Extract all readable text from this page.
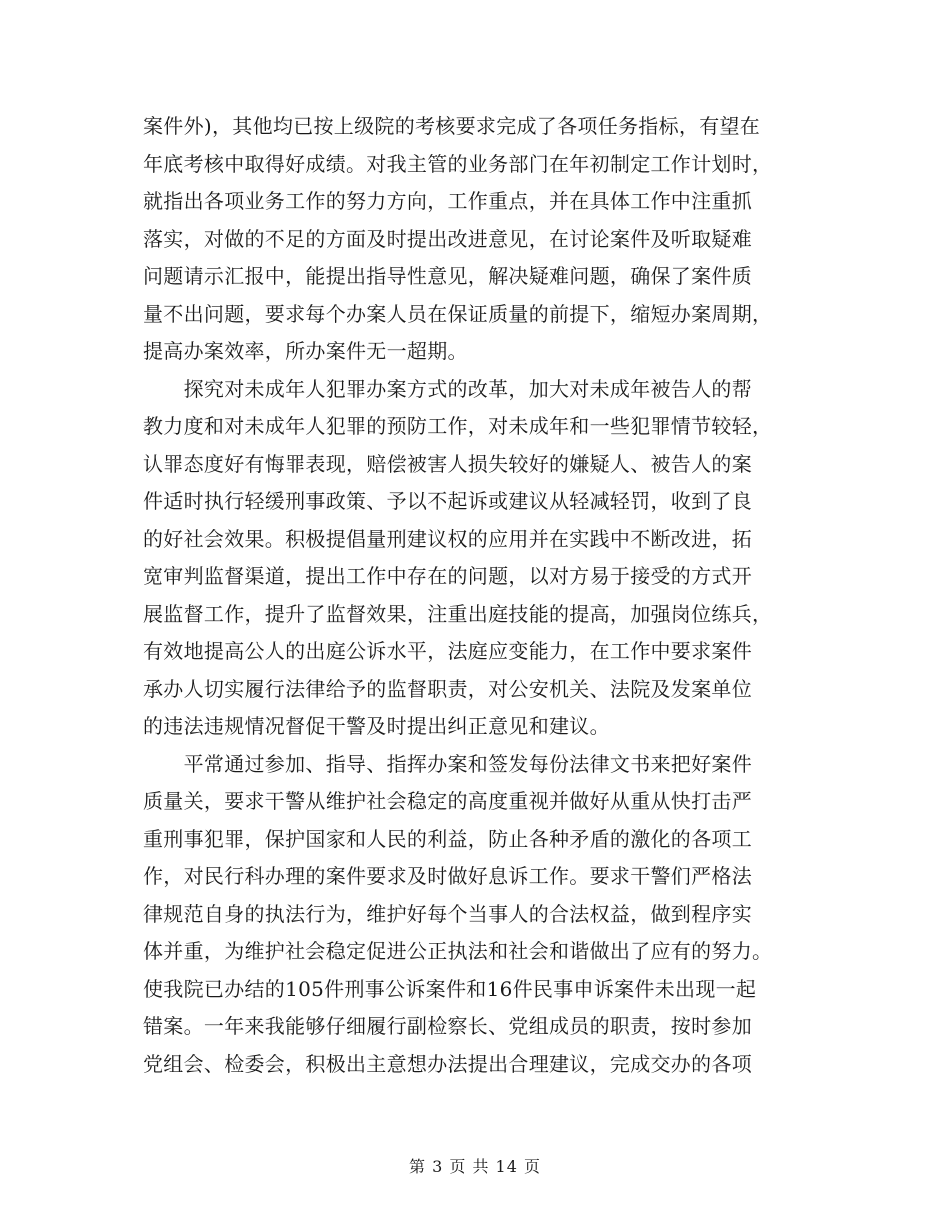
案件外)，其他均已按上级院的考核要求完成了各项任务指标，有望在
年底考核中取得好成绩。对我主管的业务部门在年初制定工作计划时，
就指出各项业务工作的努力方向，工作重点，并在具体工作中注重抓
落实，对做的不足的方面及时提出改进意见，在讨论案件及听取疑难
问题请示汇报中，能提出指导性意见，解决疑难问题，确保了案件质
量不出问题，要求每个办案人员在保证质量的前提下，缩短办案周期，
提高办案效率，所办案件无一超期。
　　探究对未成年人犯罪办案方式的改革，加大对未成年被告人的帮
教力度和对未成年人犯罪的预防工作，对未成年和一些犯罪情节较轻，
认罪态度好有悔罪表现，赔偿被害人损失较好的嫌疑人、被告人的案
件适时执行轻缓刑事政策、予以不起诉或建议从轻减轻罚，收到了良
的好社会效果。积极提倡量刑建议权的应用并在实践中不断改进，拓
宽审判监督渠道，提出工作中存在的问题，以对方易于接受的方式开
展监督工作，提升了监督效果，注重出庭技能的提高，加强岗位练兵，
有效地提高公人的出庭公诉水平，法庭应变能力，在工作中要求案件
承办人切实履行法律给予的监督职责，对公安机关、法院及发案单位
的违法违规情况督促干警及时提出纠正意见和建议。
　　平常通过参加、指导、指挥办案和签发每份法律文书来把好案件
质量关，要求干警从维护社会稳定的高度重视并做好从重从快打击严
重刑事犯罪，保护国家和人民的利益，防止各种矛盾的激化的各项工
作，对民行科办理的案件要求及时做好息诉工作。要求干警们严格法
律规范自身的执法行为，维护好每个当事人的合法权益，做到程序实
体并重，为维护社会稳定促进公正执法和社会和谐做出了应有的努力。
使我院已办结的105件刑事公诉案件和16件民事申诉案件未出现一起
错案。一年来我能够仔细履行副检察长、党组成员的职责，按时参加
党组会、检委会，积极出主意想办法提出合理建议，完成交办的各项
第 3 页 共 14 页
